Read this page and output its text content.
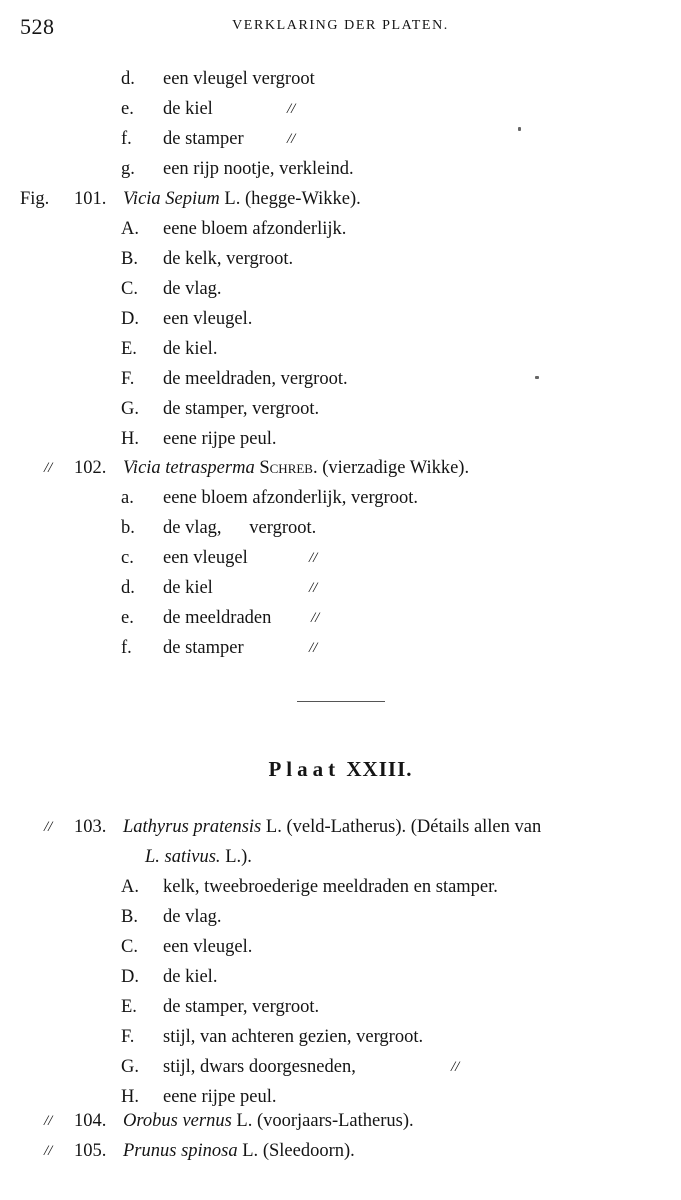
528	VERKLARING DER PLATEN.
d. een vleugel vergroot
e. de kiel	//
f. de stamper	//
g. een rijp nootje, verkleind.
Fig. 101. Vicia Sepium L. (hegge-Wikke).
A. eene bloem afzonderlijk.
B. de kelk, vergroot.
C. de vlag.
D. een vleugel.
E. de kiel.
F. de meeldraden, vergroot.
G. de stamper, vergroot.
H. eene rijpe peul.
// 102. Vicia tetrasperma Schreb. (vierzadige Wikke).
a. eene bloem afzonderlijk, vergroot.
b. de vlag,      vergroot.
c. een vleugel	//
d. de kiel	//
e. de meeldraden	//
f. de stamper	//
Plaat XXIII.
// 103. Lathyrus pratensis L. (veld-Latherus). (Détails allen van
L. sativus. L.).
A. kelk, tweebroederige meeldraden en stamper.
B. de vlag.
C. een vleugel.
D. de kiel.
E. de stamper, vergroot.
F. stijl, van achteren gezien, vergroot.
G. stijl, dwars doorgesneden,	//
H. eene rijpe peul.
// 104. Orobus vernus L. (voorjaars-Latherus).
// 105. Prunus spinosa L. (Sleedoorn).
